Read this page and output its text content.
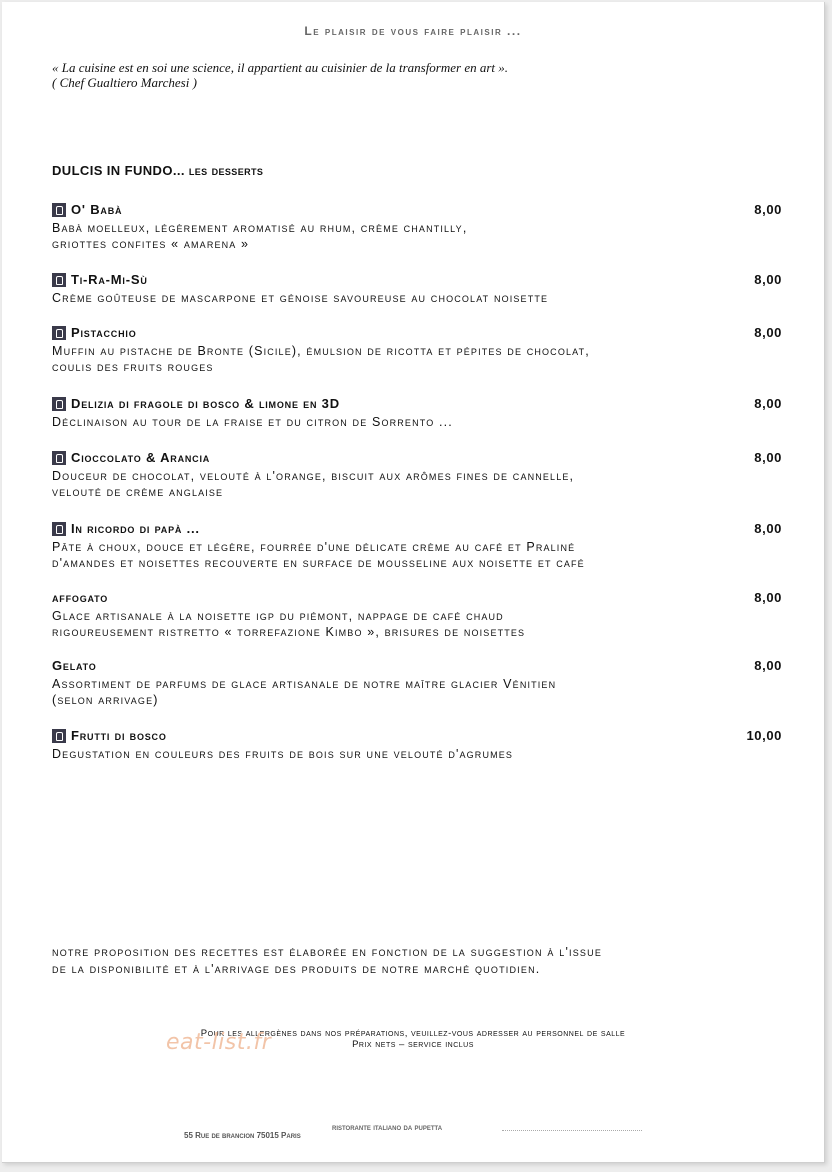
Le plaisir de vous faire plaisir ...
« La cuisine est en soi une science, il appartient au cuisinier de la transformer en art ».
( Chef Gualtiero Marchesi )
DULCIS IN FUNDO... les desserts
O' Babà	8,00
Babà moelleux, légèrement aromatisé au rhum, crème chantilly,
griottes confites « amarena »
Ti-Ra-Mi-Sù	8,00
Crème goûteuse de mascarpone et génoise savoureuse au chocolat noisette
Pistacchio	8,00
Muffin au pistache de Bronte (Sicile), émulsion de ricotta et pépites de chocolat,
coulis des fruits rouges
Delizia di fragole di bosco & limone en 3D	8,00
Déclinaison au tour de la fraise et du citron de Sorrento ...
Cioccolato & Arancia	8,00
Douceur de chocolat, velouté à l'orange, biscuit aux arômes fines de cannelle,
velouté de crème anglaise
In ricordo di papà ...	8,00
Pâte à choux, douce et légère, fourrée d'une délicate crème au café et Praliné
d'amandes et noisettes recouverte en surface de mousseline aux noisette et café
affogato	8,00
Glace artisanale à la noisette igp du piémont, nappage de café chaud
rigoureusement ristretto « torrefazione Kimbo », brisures de noisettes
Gelato	8,00
Assortiment de parfums de glace artisanale de notre maître glacier Vénitien
(selon arrivage)
Frutti di bosco	10,00
Degustation en couleurs des fruits de bois sur une velouté d'agrumes
notre proposition des recettes est élaborée en fonction de la suggestion à l'issue
de la disponibilité et à l'arrivage des produits de notre marché quotidien.
Pour les allergènes dans nos préparations, veuillez-vous adresser au personnel de salle
Prix nets – service inclus
eat-list.fr
ristorante italiano da pupetta
55 Rue de brancion 75015 Paris
